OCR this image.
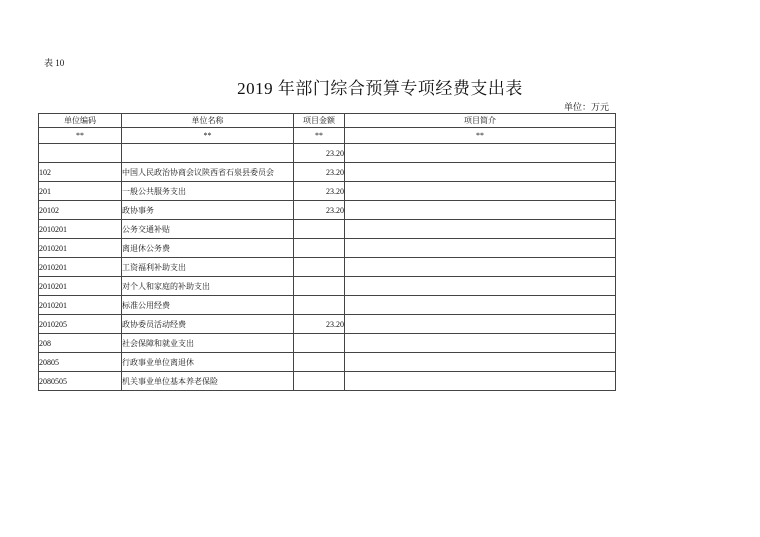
表 10
2019 年部门综合预算专项经费支出表
单位：万元
单位编码	单位名称	项目金额	项目简介
**	**	**	**
		23.20	
102	中国人民政治协商会议陕西省石泉县委员会	23.20	
201	一般公共服务支出	23.20	
20102	政协事务	23.20	
2010201	公务交通补贴		
2010201	离退休公务费		
2010201	工资福利补助支出		
2010201	对个人和家庭的补助支出		
2010201	标准公用经费		
2010205	政协委员活动经费	23.20	
208	社会保障和就业支出		
20805	行政事业单位离退休		
2080505	机关事业单位基本养老保险		
